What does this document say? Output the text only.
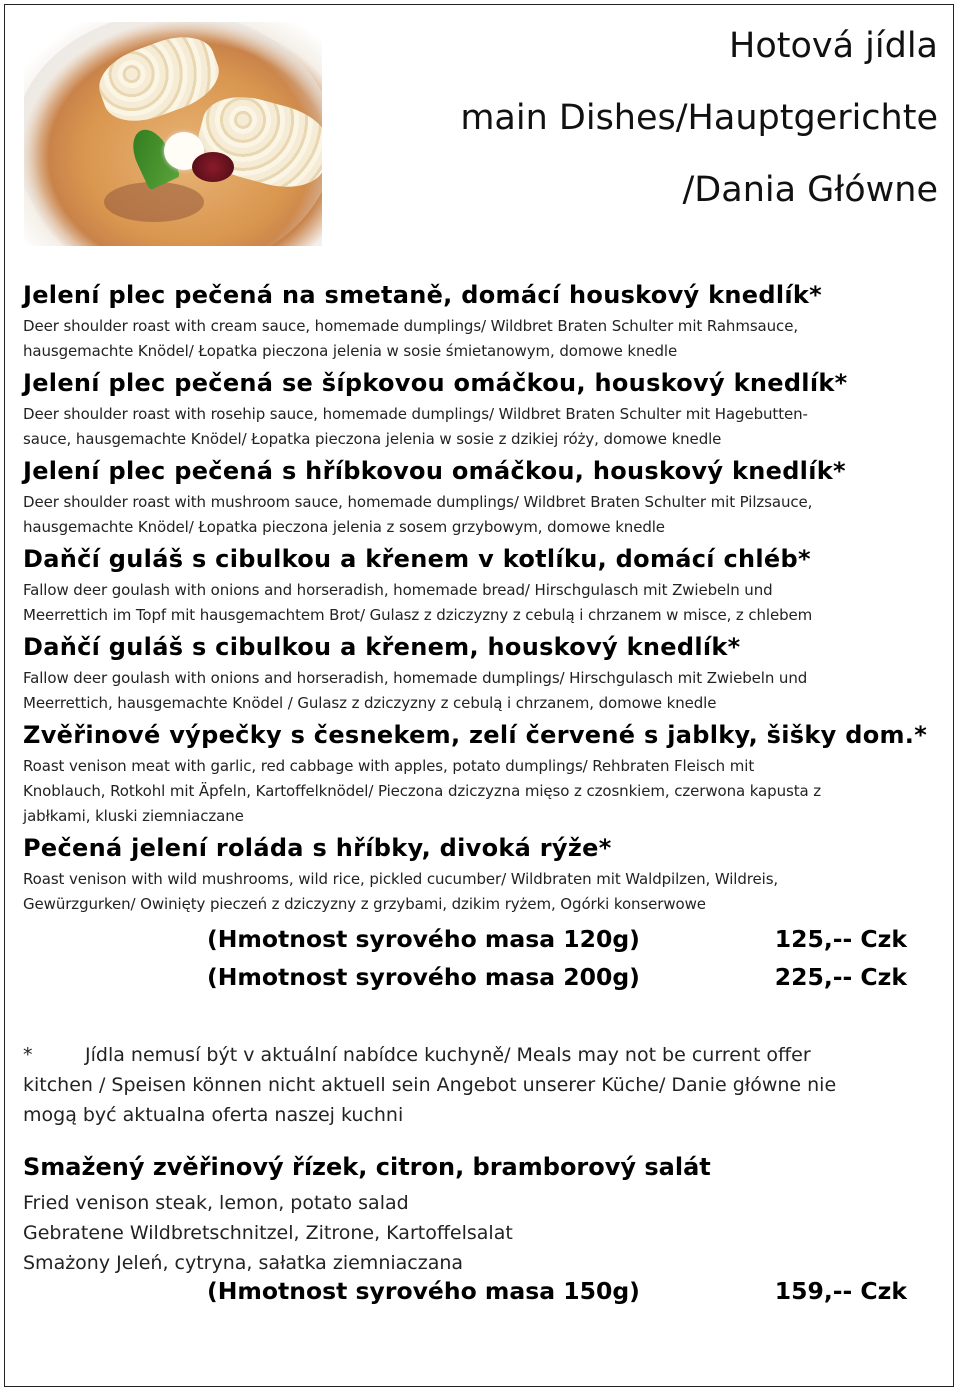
Hotová jídla
main Dishes/Hauptgerichte
/Dania Główne
Jelení plec pečená na smetaně, domácí houskový knedlík*

Deer shoulder roast with cream sauce, homemade dumplings/ Wildbret Braten Schulter mit Rahmsauce,
hausgemachte Knödel/ Łopatka pieczona jelenia w sosie śmietanowym, domowe knedle

Jelení plec pečená se šípkovou omáčkou, houskový knedlík*

Deer shoulder roast with rosehip sauce, homemade dumplings/ Wildbret Braten Schulter mit Hagebutten-
sauce, hausgemachte Knödel/ Łopatka pieczona jelenia w sosie z dzikiej róży, domowe knedle

Jelení plec pečená s hříbkovou omáčkou, houskový knedlík*

Deer shoulder roast with mushroom sauce, homemade dumplings/ Wildbret Braten Schulter mit Pilzsauce,
hausgemachte Knödel/ Łopatka pieczona jelenia z sosem grzybowym, domowe knedle

Daňčí guláš s cibulkou a křenem v kotlíku, domácí chléb*

Fallow deer goulash with onions and horseradish, homemade bread/ Hirschgulasch mit Zwiebeln und
Meerrettich im Topf mit hausgemachtem Brot/ Gulasz z dziczyzny z cebulą i chrzanem w misce, z chlebem

Daňčí guláš s cibulkou a křenem, houskový knedlík*

Fallow deer goulash with onions and horseradish, homemade dumplings/ Hirschgulasch mit Zwiebeln und
Meerrettich, hausgemachte Knödel / Gulasz z dziczyzny z cebulą i chrzanem, domowe knedle

Zvěřinové výpečky s česnekem, zelí červené s jablky, šišky dom.*

Roast venison meat with garlic, red cabbage with apples, potato dumplings/ Rehbraten Fleisch mit
Knoblauch, Rotkohl mit Äpfeln, Kartoffelknödel/ Pieczona dziczyzna mięso z czosnkiem, czerwona kapusta z
jabłkami, kluski ziemniaczane

Pečená jelení roláda s hříbky, divoká rýže*

Roast venison with wild mushrooms, wild rice, pickled cucumber/ Wildbraten mit Waldpilzen, Wildreis,
Gewürzgurken/ Owinięty pieczeń z dziczyzny z grzybami, dzikim ryżem, Ogórki konserwowe

(Hmotnost syrového masa 120g)	125,-- Czk
(Hmotnost syrového masa 200g)	225,-- Czk
*	Jídla nemusí být v aktuální nabídce kuchyně/ Meals may not be current offer
kitchen / Speisen können nicht aktuell sein Angebot unserer Küche/ Danie główne nie
mogą być aktualna oferta naszej kuchni
Smažený zvěřinový řízek, citron, bramborový salát

Fried venison steak, lemon, potato salad
Gebratene Wildbretschnitzel, Zitrone, Kartoffelsalat
Smażony Jeleń, cytryna, sałatka ziemniaczana

(Hmotnost syrového masa 150g)	159,-- Czk
